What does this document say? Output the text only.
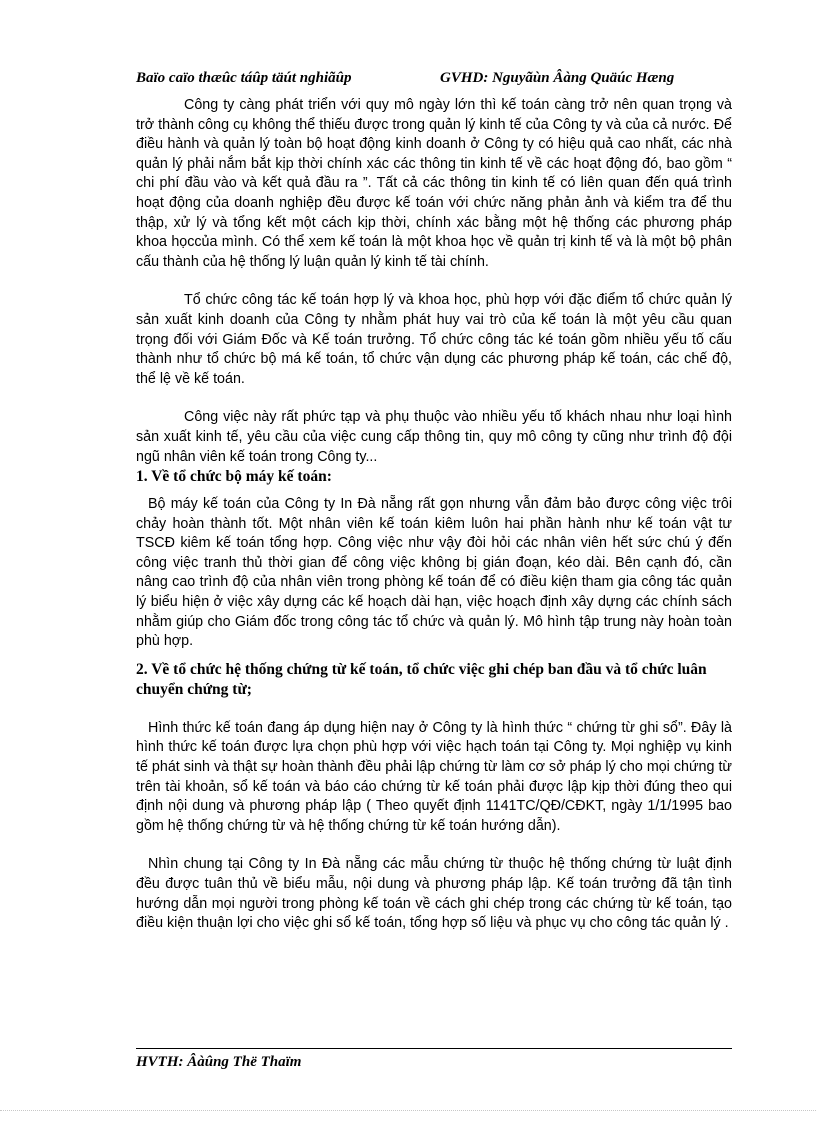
Baïo caïo thæûc táûp täút nghiãûp	GVHD: Nguyãùn Âàng Quäúc Hæng

Công ty càng phát triển với quy mô ngày lớn thì kế toán càng trở nên quan trọng và trở thành công cụ không thể thiếu được trong quản lý kinh tế của Công ty và của cả nước. Để điều hành và quản lý toàn bộ hoạt động kinh doanh ở Công ty có hiệu quả cao nhất, các nhà quản lý phải nắm bắt kịp thời chính xác các thông tin kinh tế về các hoạt động đó, bao gồm “ chi phí đầu vào và kết quả đầu ra ”. Tất cả các thông tin kinh tế có liên quan đến quá trình hoạt động của doanh nghiệp đều được kế toán với chức năng phản ảnh và kiểm tra để thu thập, xử lý và tổng kết một cách kịp thời, chính xác bằng một hệ thống các phương pháp khoa họccủa mình. Có thể xem kế toán là một khoa học về quản trị kinh tế và là một bộ phân cấu thành của hệ thống lý luận quản lý kinh tế tài chính.

Tổ chức công tác kế toán hợp lý và khoa học, phù hợp với đặc điểm tổ chức quản lý sản xuất kinh doanh của Công ty nhằm phát huy vai trò của kế toán là một yêu cầu quan trọng đối với Giám Đốc và Kế toán trưởng. Tổ chức công tác ké toán gồm nhiều yếu tố cấu thành như tổ chức bộ má kế toán, tổ chức vận dụng các phương pháp kế toán, các chế độ, thể lệ về kế toán.

Công việc này rất phức tạp và phụ thuộc vào nhiều yếu tố khách nhau như loại hình sản xuất kinh tế, yêu cầu của việc cung cấp thông tin, quy mô công ty cũng như trình độ đội ngũ nhân viên kế toán trong Công ty...

1. Về tổ chức bộ máy kế toán:

Bộ máy kế toán của Công ty In Đà nẵng rất gọn nhưng vẫn đảm bảo được công việc trôi chảy hoàn thành tốt. Một nhân viên kế toán kiêm luôn hai phần hành như kế toán vật tư TSCĐ kiêm kế toán tổng hợp. Công việc như vậy đòi hỏi các nhân viên hết sức chú ý đến công việc tranh thủ thời gian để công việc không bị gián đoạn, kéo dài. Bên cạnh đó, cần nâng cao trình độ của nhân viên trong phòng kế toán để có điều kiện tham gia công tác quản lý biểu hiện ở việc xây dựng các kế hoạch dài hạn, việc hoạch định xây dựng các chính sách nhằm giúp cho Giám đốc trong công tác tổ chức và quản lý. Mô hình tập trung này hoàn toàn phù hợp.

2. Về tổ chức hệ thống chứng từ kế toán, tổ chức việc ghi chép ban đầu và tổ chức luân chuyển chứng từ;

Hình thức kế toán đang áp dụng hiện nay ở Công ty là hình thức “ chứng từ ghi sổ”. Đây là hình thức kế toán được lựa chọn phù hợp với việc hạch toán tại Công ty. Mọi nghiệp vụ kinh tế phát sinh và thật sự hoàn thành đều phải lập chứng từ làm cơ sở pháp lý cho mọi chứng từ trên tài khoản, sổ kế toán và báo cáo chứng từ kế toán phải được lập kịp thời đúng theo qui định nội dung và phương pháp lập ( Theo quyết định 1141TC/QĐ/CĐKT, ngày 1/1/1995 bao gồm hệ thống chứng từ và hệ thống chứng từ kế toán hướng dẫn).

Nhìn chung tại Công ty In Đà nẵng các mẫu chứng từ thuộc hệ thống chứng từ luật định đều được tuân thủ về biểu mẫu, nội dung và phương pháp lập. Kế toán trưởng đã tận tình hướng dẫn mọi người trong phòng kế toán về cách ghi chép trong các chứng từ kế toán, tạo điều kiện thuận lợi cho việc ghi sổ kế toán, tổng hợp số liệu và phục vụ cho công tác quản lý .

HVTH: Âàûng Thë Thaïm
